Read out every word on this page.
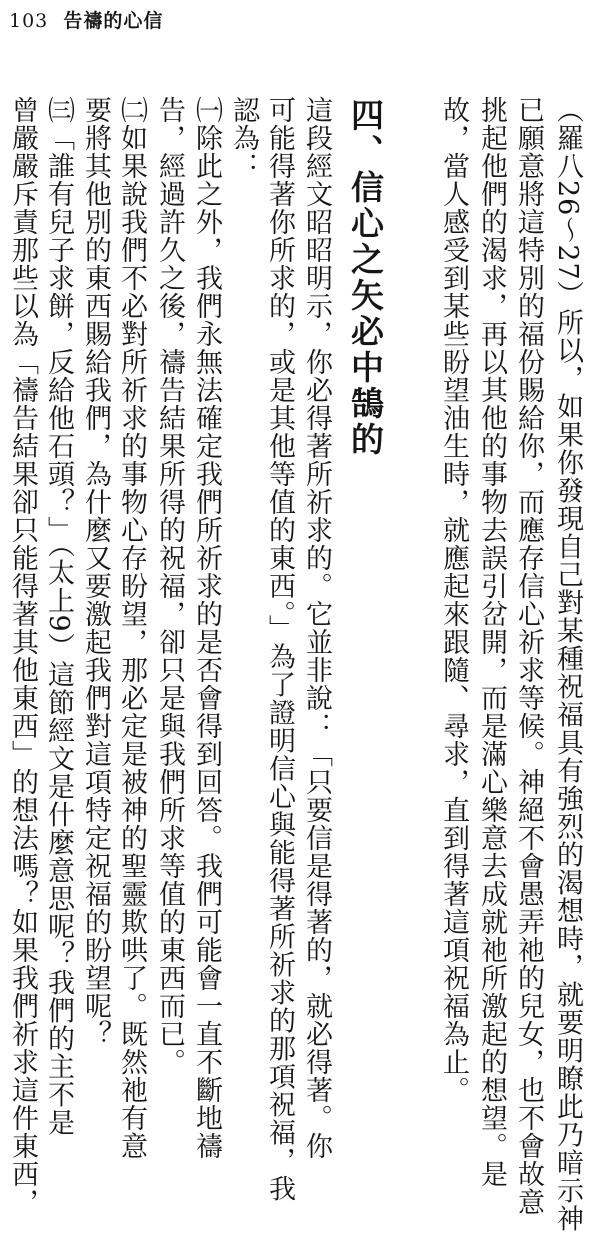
103 告禱的心信
（羅八26～27）所以，如果你發現自己對某種祝福具有強烈的渴想時，就要明瞭此乃暗示神
已願意將這特別的福份賜給你，而應存信心祈求等候。神絕不會愚弄祂的兒女，也不會故意
挑起他們的渴求，再以其他的事物去誤引岔開，而是滿心樂意去成就祂所激起的想望。是
故，當人感受到某些盼望油生時，就應起來跟隨、尋求，直到得著這項祝福為止。
四、信心之矢必中鵠的
這段經文昭昭明示，你必得著所祈求的。它並非說：「只要信是得著的，就必得著。你
可能得著你所求的，或是其他等值的東西。」為了證明信心與能得著所祈求的那項祝福，我
認為：
㈠除此之外，我們永無法確定我們所祈求的是否會得到回答。我們可能會一直不斷地禱
告，經過許久之後，禱告結果所得的祝福，卻只是與我們所求等值的東西而已。
㈡如果說我們不必對所祈求的事物心存盼望，那必定是被神的聖靈欺哄了。既然祂有意
要將其他別的東西賜給我們，為什麼又要激起我們對這項特定祝福的盼望呢？
㈢「誰有兒子求餅，反給他石頭？」（太上9）這節經文是什麼意思呢？我們的主不是
曾嚴嚴斥責那些以為「禱告結果卻只能得著其他東西」的想法嗎？如果我們祈求這件東西，
